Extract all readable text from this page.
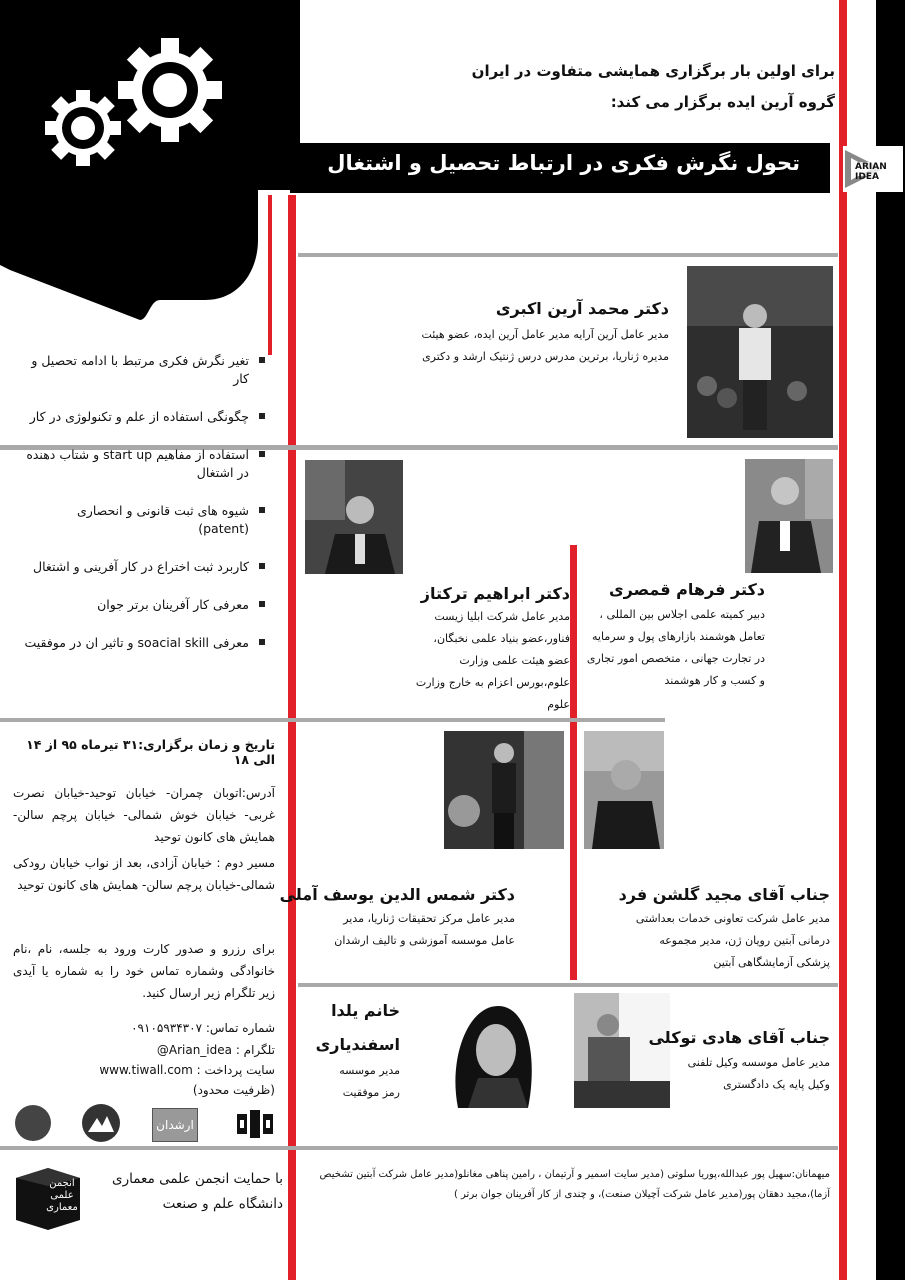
برای اولین بار برگزاری همایشی متفاوت در ایران
گروه آرین ایده برگزار می کند:
تحول نگرش فکری در ارتباط تحصیل و اشتغال	ARIAN IDEA
تغیر نگرش فکری مرتبط با ادامه تحصیل و کار
چگونگی استفاده از علم و تکنولوژی در کار
استفاده از مفاهیم start up و شتاب دهنده در اشتغال
شیوه های ثبت قانونی و انحصاری (patent)
کاربرد ثبت اختراع در کار آفرینی و اشتغال
معرفی کار آفرینان برتر جوان
معرفی soacial skill و تاثیر ان در موفقیت
دکتر محمد آرین اکبری
مدیر عامل آرین آرایه مدیر عامل آرین ایده، عضو هیئت مدیره ژناریا، برترین مدرس درس ژنتیک ارشد و دکتری
دکتر ابراهیم ترکتاز
مدیر عامل شرکت ابلیا زیست فناور،عضو بنیاد علمی نخبگان، عضو هیئت علمی وزارت علوم،بورس اعزام به خارج وزارت علوم
دکتر فرهام قمصری
دبیر کمیته علمی اجلاس بین المللی ، تعامل هوشمند بازارهای پول و سرمایه در تجارت جهانی ، متخصص امور تجاری و کسب و کار هوشمند
دکتر شمس الدین یوسف آملی
مدیر عامل مرکز تحقیقات ژناریا، مدیر عامل موسسه آموزشی و تالیف ارشدان
جناب آقای مجید گلشن فرد
مدیر عامل شرکت تعاونی خدمات بعداشتی درمانی آبتین رویان ژن، مدیر مجموعه پزشکی آزمایشگاهی آبتین
خانم یلدا
اسفندیاری
مدیر موسسه
رمز موفقیت
جناب آقای هادی توکلی
مدیر عامل موسسه وکیل تلفنی
وکیل پایه یک دادگستری
تاریخ و زمان برگزاری:۳۱ تیرماه ۹۵ از ۱۴ الی ۱۸
آدرس:اتوبان چمران- خیابان توحید-خیابان نصرت غربی- خیابان خوش شمالی- خیابان پرچم سالن- همایش های کانون توحید
مسیر دوم : خیابان آزادی، بعد از نواب خیابان رودکی شمالی-خیابان پرچم سالن- همایش های کانون توحید
برای رزرو و صدور کارت ورود به جلسه، نام ،نام خانوادگی وشماره تماس خود را به شماره یا آیدی زیر تلگرام زیر ارسال کنید.
شماره تماس: ۰۹۱۰۵۹۳۴۳۰۷
تلگرام : Arian_idea@
سایت پرداخت : www.tiwall.com
(ظرفیت محدود)
ارشدان
انجمن علمی معماری
با حمایت انجمن علمی معماری
دانشگاه علم و صنعت
میهمانان:سهیل پور عبدالله،پوریا سلوتی (مدیر سایت اسمیر و آرتیمان ، رامین پناهی مغانلو(مدیر عامل شرکت آبتین تشخیص آزما)،مجید دهقان پور(مدیر عامل شرکت آچیلان صنعت)، و چندی از کار آفرینان جوان برتر )
